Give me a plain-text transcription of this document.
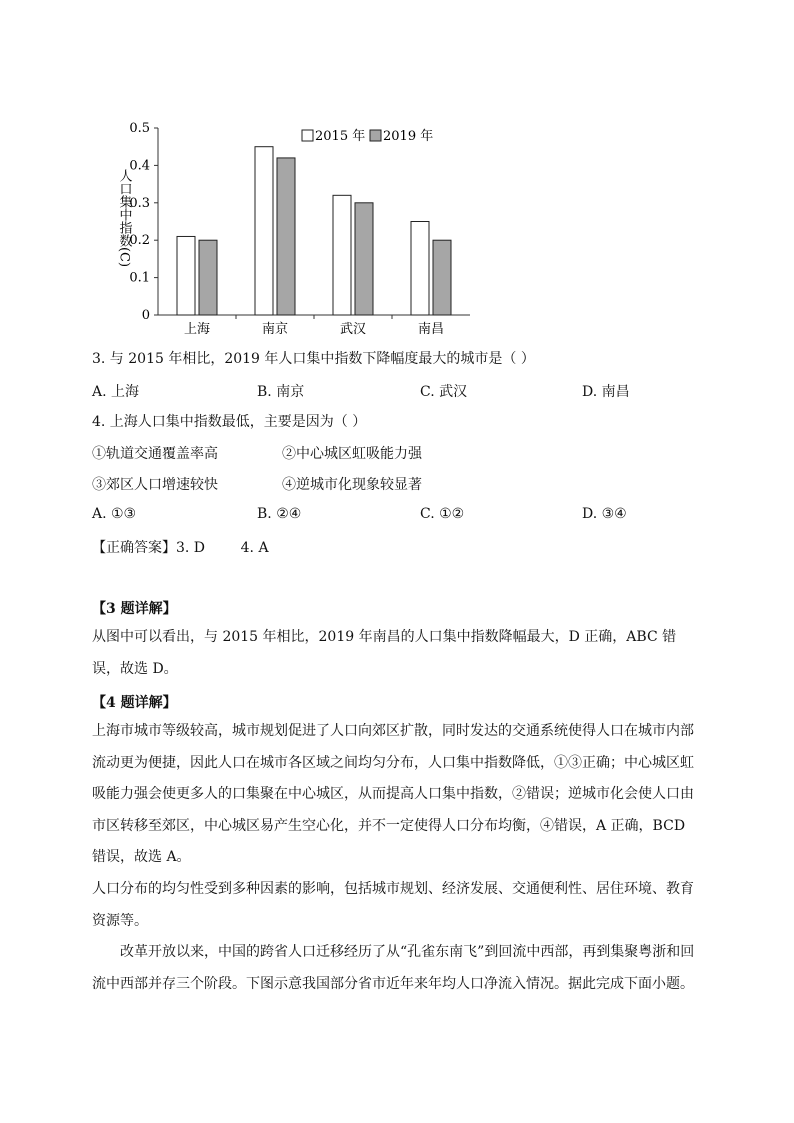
0
0.1
0.2
0.3
0.4
0.5
上海	南京	武汉	南昌
2015 年 2019 年
人口集中指数(C)
3. 与 2015 年相比，2019 年人口集中指数下降幅度最大的城市是（ ）
A. 上海	B. 南京	C. 武汉	D. 南昌
4. 上海人口集中指数最低，主要是因为（ ）
①轨道交通覆盖率高	②中心城区虹吸能力强
③郊区人口增速较快	④逆城市化现象较显著
A. ①③	B. ②④	C. ①②	D. ③④
【正确答案】3. D        4. A
【3 题详解】
从图中可以看出，与 2015 年相比，2019 年南昌的人口集中指数降幅最大，D 正确，ABC 错误，故选 D。
【4 题详解】
上海市城市等级较高，城市规划促进了人口向郊区扩散，同时发达的交通系统使得人口在城市内部流动更为便捷，因此人口在城市各区域之间均匀分布，人口集中指数降低，①③正确；中心城区虹吸能力强会使更多人的口集聚在中心城区，从而提高人口集中指数，②错误；逆城市化会使人口由市区转移至郊区，中心城区易产生空心化，并不一定使得人口分布均衡，④错误，A 正确，BCD 错误，故选 A。
人口分布的均匀性受到多种因素的影响，包括城市规划、经济发展、交通便利性、居住环境、教育资源等。
改革开放以来，中国的跨省人口迁移经历了从“孔雀东南飞”到回流中西部，再到集聚粤浙和回流中西部并存三个阶段。下图示意我国部分省市近年来年均人口净流入情况。据此完成下面小题。
